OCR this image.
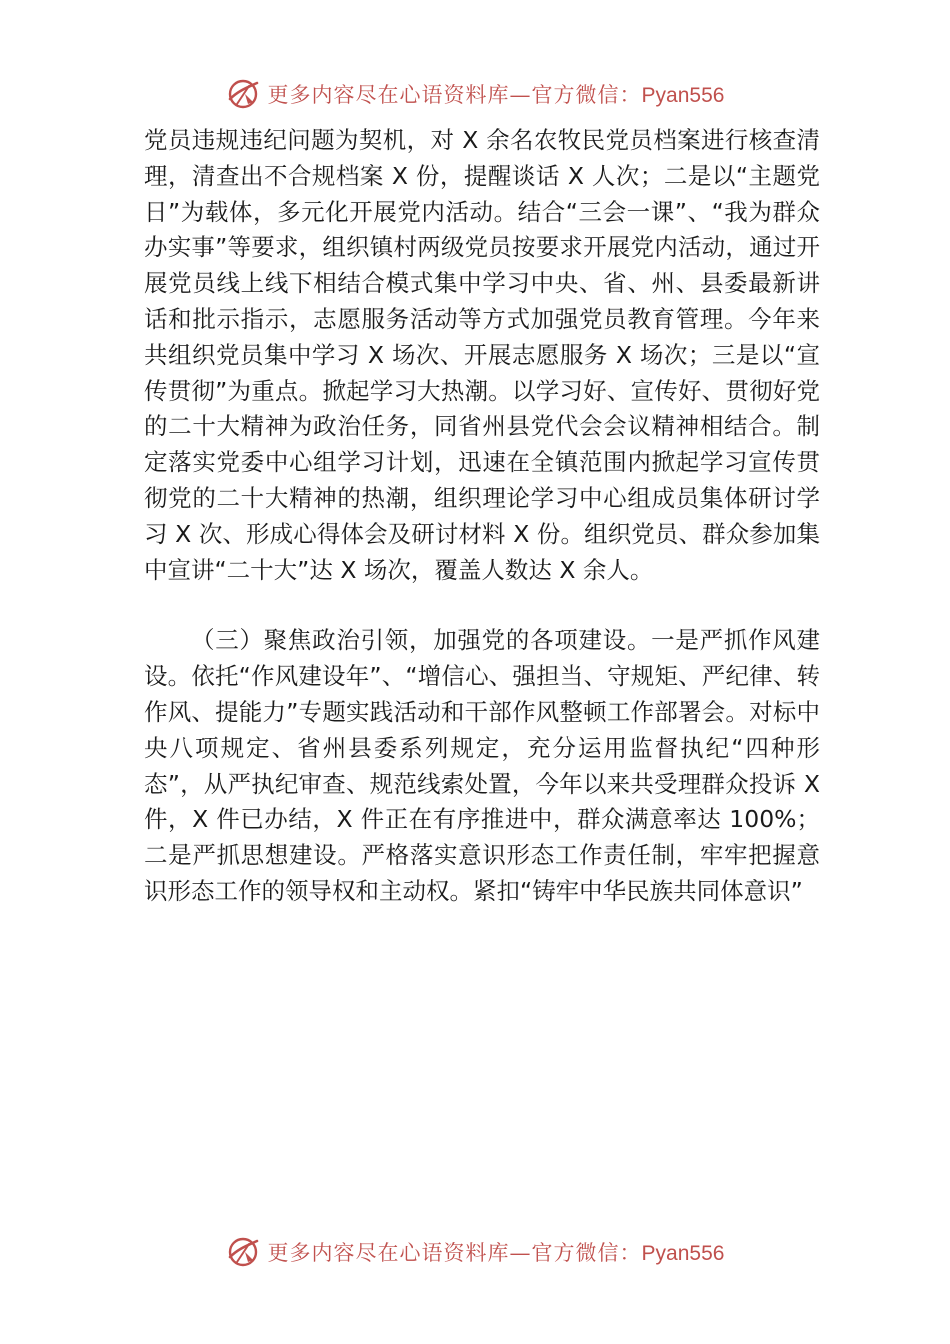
更多内容尽在心语资料库—官方微信：Pyan556

党员违规违纪问题为契机，对 X 余名农牧民党员档案进行核查清理，清查出不合规档案 X 份，提醒谈话 X 人次；二是以“主题党日”为载体，多元化开展党内活动。结合“三会一课”、“我为群众办实事”等要求，组织镇村两级党员按要求开展党内活动，通过开展党员线上线下相结合模式集中学习中央、省、州、县委最新讲话和批示指示，志愿服务活动等方式加强党员教育管理。今年来共组织党员集中学习 X 场次、开展志愿服务 X 场次；三是以“宣传贯彻”为重点。掀起学习大热潮。以学习好、宣传好、贯彻好党的二十大精神为政治任务，同省州县党代会会议精神相结合。制定落实党委中心组学习计划，迅速在全镇范围内掀起学习宣传贯彻党的二十大精神的热潮，组织理论学习中心组成员集体研讨学习 X 次、形成心得体会及研讨材料 X 份。组织党员、群众参加集中宣讲“二十大”达 X 场次，覆盖人数达 X 余人。

（三）聚焦政治引领，加强党的各项建设。一是严抓作风建设。依托“作风建设年”、“增信心、强担当、守规矩、严纪律、转作风、提能力”专题实践活动和干部作风整顿工作部署会。对标中央八项规定、省州县委系列规定，充分运用监督执纪“四种形态”，从严执纪审查、规范线索处置，今年以来共受理群众投诉 X 件，X 件已办结，X 件正在有序推进中，群众满意率达 100%；二是严抓思想建设。严格落实意识形态工作责任制，牢牢把握意识形态工作的领导权和主动权。紧扣“铸牢中华民族共同体意识”

更多内容尽在心语资料库—官方微信：Pyan556
